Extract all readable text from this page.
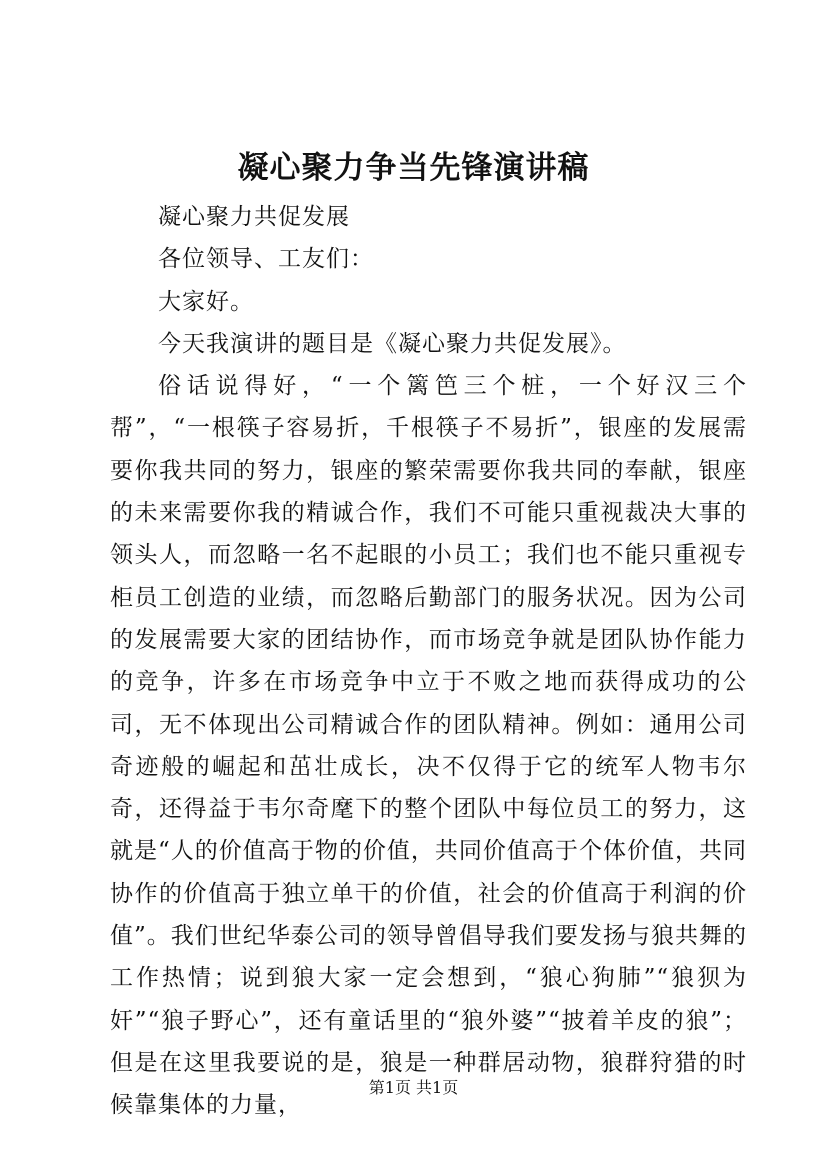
凝心聚力争当先锋演讲稿

凝心聚力共促发展

各位领导、工友们：

大家好。

今天我演讲的题目是《凝心聚力共促发展》。

俗话说得好，“一个篱笆三个桩，一个好汉三个帮”，“一根筷子容易折，千根筷子不易折”，银座的发展需要你我共同的努力，银座的繁荣需要你我共同的奉献，银座的未来需要你我的精诚合作，我们不可能只重视裁决大事的领头人，而忽略一名不起眼的小员工；我们也不能只重视专柜员工创造的业绩，而忽略后勤部门的服务状况。因为公司的发展需要大家的团结协作，而市场竞争就是团队协作能力的竞争，许多在市场竞争中立于不败之地而获得成功的公司，无不体现出公司精诚合作的团队精神。例如：通用公司奇迹般的崛起和茁壮成长，决不仅得于它的统军人物韦尔奇，还得益于韦尔奇麾下的整个团队中每位员工的努力，这就是“人的价值高于物的价值，共同价值高于个体价值，共同协作的价值高于独立单干的价值，社会的价值高于利润的价值”。我们世纪华泰公司的领导曾倡导我们要发扬与狼共舞的工作热情；说到狼大家一定会想到，“狼心狗肺”“狼狈为奸”“狼子野心”，还有童话里的“狼外婆”“披着羊皮的狼”；但是在这里我要说的是，狼是一种群居动物，狼群狩猎的时候靠集体的力量，

第1页 共1页
